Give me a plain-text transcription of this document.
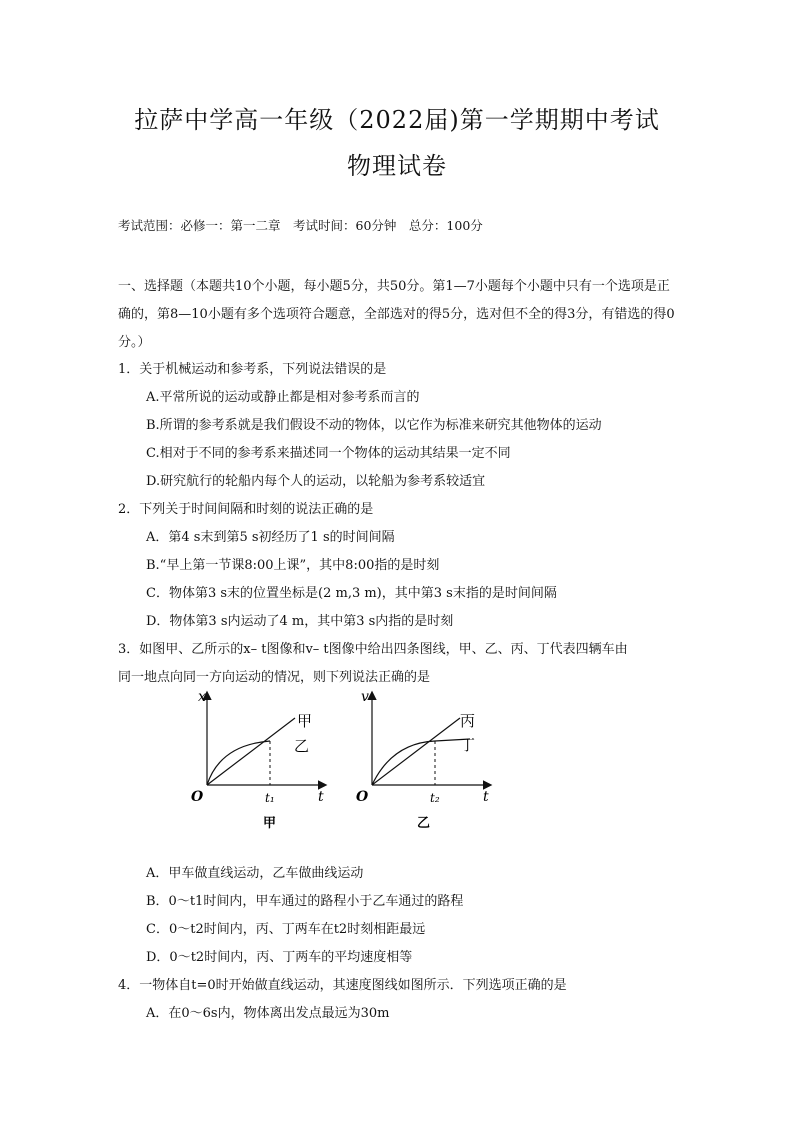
拉萨中学高一年级（2022届)第一学期期中考试
物理试卷
考试范围：必修一：第一二章　考试时间：60分钟　总分：100分
一、选择题（本题共10个小题，每小题5分，共50分。第1—7小题每个小题中只有一个选项是正确的，第8—10小题有多个选项符合题意，全部选对的得5分，选对但不全的得3分，有错选的得0分。）
1．关于机械运动和参考系，下列说法错误的是
A.平常所说的运动或静止都是相对参考系而言的
B.所谓的参考系就是我们假设不动的物体，以它作为标准来研究其他物体的运动
C.相对于不同的参考系来描述同一个物体的运动其结果一定不同
D.研究航行的轮船内每个人的运动，以轮船为参考系较适宜
2．下列关于时间间隔和时刻的说法正确的是
A．第4 s末到第5 s初经历了1 s的时间间隔
B.“早上第一节课8:00上课”，其中8:00指的是时刻
C．物体第3 s末的位置坐标是(2 m,3 m)，其中第3 s末指的是时间间隔
D．物体第3 s内运动了4 m，其中第3 s内指的是时刻
3．如图甲、乙所示的x– t图像和v– t图像中给出四条图线，甲、乙、丙、丁代表四辆车由
同一地点向同一方向运动的情况，则下列说法正确的是
x
t
O	t₁
甲
乙
甲
v
t
O	t₂
丙
丁
乙
A．甲车做直线运动，乙车做曲线运动
B．0～t1时间内，甲车通过的路程小于乙车通过的路程
C．0～t2时间内，丙、丁两车在t2时刻相距最远
D．0～t2时间内，丙、丁两车的平均速度相等
4．一物体自t=0时开始做直线运动，其速度图线如图所示．下列选项正确的是
A．在0～6s内，物体离出发点最远为30m
